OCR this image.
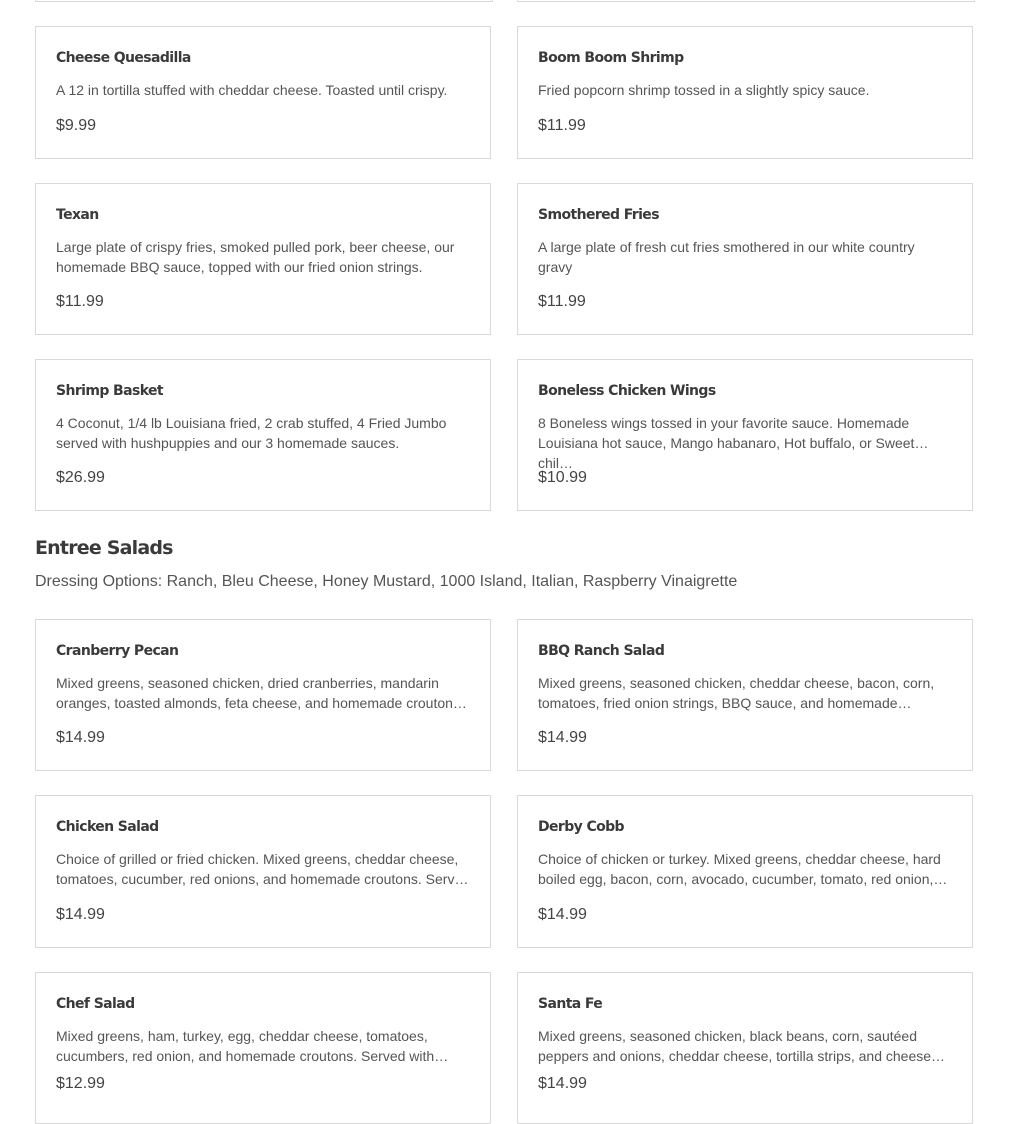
Cheese Quesadilla
A 12 in tortilla stuffed with cheddar cheese. Toasted until crispy.
$9.99
Boom Boom Shrimp
Fried popcorn shrimp tossed in a slightly spicy sauce.
$11.99
Texan
Large plate of crispy fries, smoked pulled pork, beer cheese, our homemade BBQ sauce, topped with our fried onion strings.
$11.99
Smothered Fries
A large plate of fresh cut fries smothered in our white country gravy
$11.99
Shrimp Basket
4 Coconut, 1/4 lb Louisiana fried, 2 crab stuffed, 4 Fried Jumbo served with hushpuppies and our 3 homemade sauces.
$26.99
Boneless Chicken Wings
8 Boneless wings tossed in your favorite sauce. Homemade Louisiana hot sauce, Mango habanaro, Hot buffalo, or Sweet chil…
$10.99
Entree Salads

Dressing Options: Ranch, Bleu Cheese, Honey Mustard, 1000 Island, Italian, Raspberry Vinaigrette

Cranberry Pecan
Mixed greens, seasoned chicken, dried cranberries, mandarin oranges, toasted almonds, feta cheese, and homemade crouton…
$14.99
BBQ Ranch Salad
Mixed greens, seasoned chicken, cheddar cheese, bacon, corn, tomatoes, fried onion strings, BBQ sauce, and homemade…
$14.99
Chicken Salad
Choice of grilled or fried chicken. Mixed greens, cheddar cheese, tomatoes, cucumber, red onions, and homemade croutons. Serv…
$14.99
Derby Cobb
Choice of chicken or turkey. Mixed greens, cheddar cheese, hard boiled egg, bacon, corn, avocado, cucumber, tomato, red onion,…
$14.99
Chef Salad
Mixed greens, ham, turkey, egg, cheddar cheese, tomatoes, cucumbers, red onion, and homemade croutons. Served with…
$12.99
Santa Fe
Mixed greens, seasoned chicken, black beans, corn, sautéed peppers and onions, cheddar cheese, tortilla strips, and cheese…
$14.99
